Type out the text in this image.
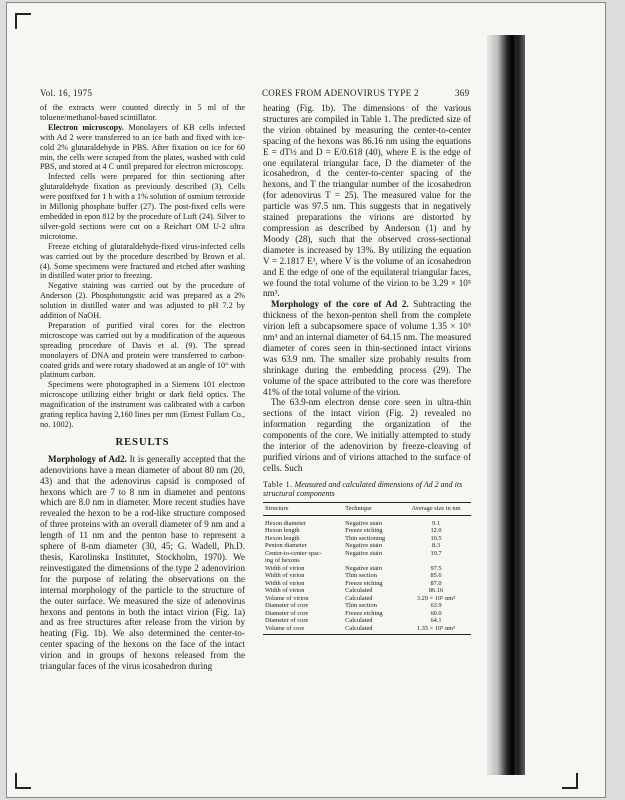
Vol. 16, 1975	CORES FROM ADENOVIRUS TYPE 2	369

of the extracts were counted directly in 5 ml of the toluene/methanol-based scintillator.

Electron microscopy. Monolayers of KB cells infected with Ad 2 were transferred to an ice bath and fixed with ice-cold 2% glutaraldehyde in PBS. After fixation on ice for 60 min, the cells were scraped from the plates, washed with cold PBS, and stored at 4 C until prepared for electron microscopy.

Infected cells were prepared for thin sectioning after glutaraldehyde fixation as previously described (3). Cells were postfixed for 1 h with a 1% solution of osmium tetroxide in Millonig phosphate buffer (27). The post-fixed cells were embedded in epon 812 by the procedure of Luft (24). Silver to silver-gold sections were cut on a Reichart OM U-2 ultra microtome.

Freeze etching of glutaraldehyde-fixed virus-infected cells was carried out by the procedure described by Brown et al. (4). Some specimens were fractured and etched after washing in distilled water prior to freezing.

Negative staining was carried out by the procedure of Anderson (2). Phosphotungstic acid was prepared as a 2% solution in distilled water and was adjusted to pH 7.2 by addition of NaOH.

Preparation of purified viral cores for the electron microscope was carried out by a modification of the aqueous spreading procedure of Davis et al. (9). The spread monolayers of DNA and protein were transferred to carbon-coated grids and were rotary shadowed at an angle of 10° with platinum carbon.

Specimens were photographed in a Siemens 101 electron microscope utilizing either bright or dark field optics. The magnification of the instrument was calibrated with a carbon grating replica having 2,160 lines per mm (Ernest Fullam Co., no. 1002).

RESULTS

Morphology of Ad2. It is generally accepted that the adenovirions have a mean diameter of about 80 nm (20, 43) and that the adenovirus capsid is composed of hexons which are 7 to 8 nm in diameter and pentons which are 8.0 nm in diameter. More recent studies have revealed the hexon to be a rod-like structure composed of three proteins with an overall diameter of 9 nm and a length of 11 nm and the penton base to represent a sphere of 8-nm diameter (30, 45; G. Wadell, Ph.D. thesis, Karolinska Institutet, Stockholm, 1970). We reinvestigated the dimensions of the type 2 adenovirion for the purpose of relating the observations on the internal morphology of the particle to the structure of the outer surface. We measured the size of adenovirus hexons and pentons in both the intact virion (Fig. 1a) and as free structures after release from the virion by heating (Fig. 1b). We also determined the center-to-center spacing of the hexons on the face of the intact virion and in groups of hexons released from the triangular faces of the virus icosahedron during

heating (Fig. 1b). The dimensions of the various structures are compiled in Table 1. The predicted size of the virion obtained by measuring the center-to-center spacing of the hexons was 86.16 nm using the equations E = dT½ and D = E/0.618 (40), where E is the edge of one equilateral triangular face, D the diameter of the icosahedron, d the center-to-center spacing of the hexons, and T the triangular number of the icosahedron (for adenovirus T = 25). The measured value for the particle was 97.5 nm. This suggests that in negatively stained preparations the virions are distorted by compression as described by Anderson (1) and by Moody (28), such that the observed cross-sectional diameter is increased by 13%. By utilizing the equation V = 2.1817 E³, where V is the volume of an icosahedron and E the edge of one of the equilateral triangular faces, we found the total volume of the virion to be 3.29 × 10⁵ nm³.

Morphology of the core of Ad 2. Subtracting the thickness of the hexon-penton shell from the complete virion left a subcapsomere space of volume 1.35 × 10⁵ nm³ and an internal diameter of 64.15 nm. The measured diameter of cores seen in thin-sectioned intact virions was 63.9 nm. The smaller size probably results from shrinkage during the embedding process (29). The volume of the space attributed to the core was therefore 41% of the total volume of the virion.

The 63.9-nm electron dense core seen in ultra-thin sections of the intact virion (Fig. 2) revealed no information regarding the organization of the components of the core. We initially attempted to study the interior of the adenovirion by freeze-cleaving of purified virions and of virions attached to the surface of cells. Such

Table 1. Measured and calculated dimensions of Ad 2 and its structural components

Structure	Technique	Average size in nm
Hexon diameter	Negative stain	9.1
Hexon length	Freeze etching	12.0
Hexon length	Thin sectioning	10.5
Penton diameter	Negative stain	8.3
Center-to-center spac-	Negative stain	10.7
ing of hexons		
Width of virion	Negative stain	97.5
Width of virion	Thin section	85.6
Width of virion	Freeze etching	87.0
Width of virion	Calculated	86.16
Volume of virion	Calculated	3.29 × 10⁵ nm³
Diameter of core	Thin section	63.9
Diameter of core	Freeze etching	60.0
Diameter of core	Calculated	64.1
Volume of core	Calculated	1.35 × 10⁵ nm³
